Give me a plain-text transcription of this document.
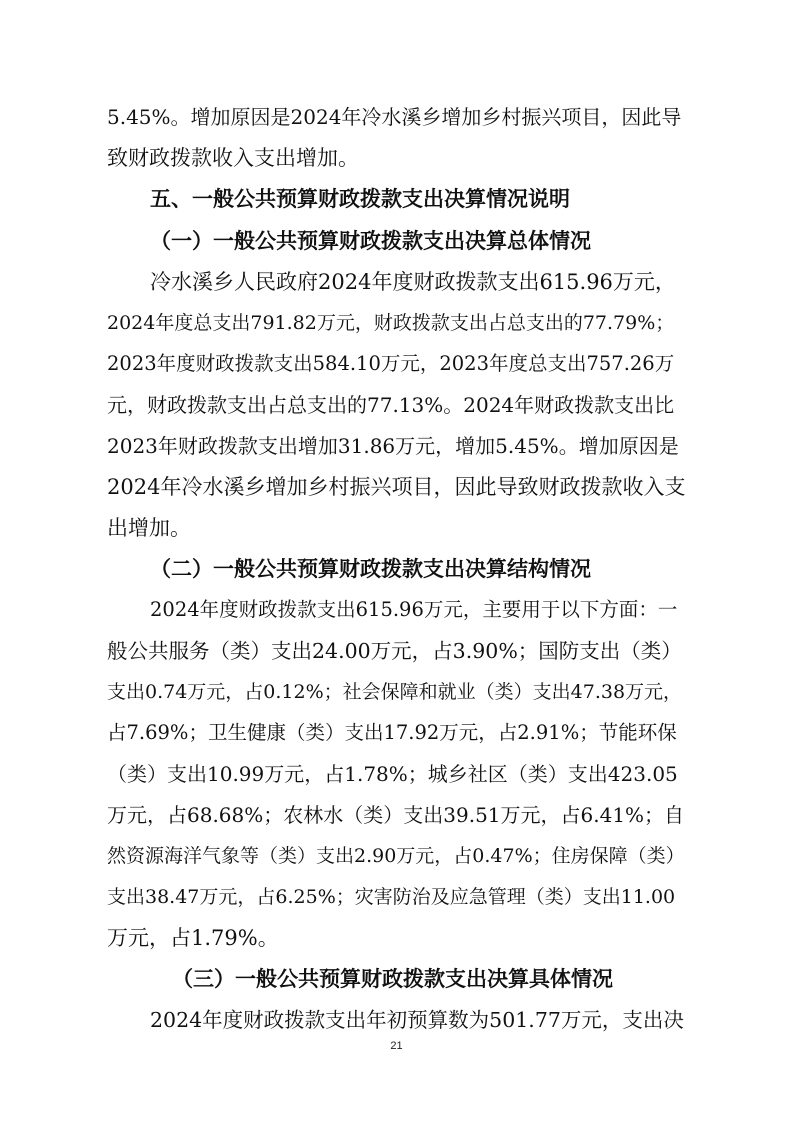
5.45%。增加原因是2024年冷水溪乡增加乡村振兴项目，因此导
致财政拨款收入支出增加。
五、一般公共预算财政拨款支出决算情况说明
（一）一般公共预算财政拨款支出决算总体情况
冷水溪乡人民政府2024年度财政拨款支出615.96万元，
2024年度总支出791.82万元，财政拨款支出占总支出的77.79%；
2023年度财政拨款支出584.10万元，2023年度总支出757.26万
元，财政拨款支出占总支出的77.13%。2024年财政拨款支出比
2023年财政拨款支出增加31.86万元，增加5.45%。增加原因是
2024年冷水溪乡增加乡村振兴项目，因此导致财政拨款收入支
出增加。
（二）一般公共预算财政拨款支出决算结构情况
2024年度财政拨款支出615.96万元，主要用于以下方面：一
般公共服务（类）支出24.00万元，占3.90%；国防支出（类）
支出0.74万元，占0.12%；社会保障和就业（类）支出47.38万元，
占7.69%；卫生健康（类）支出17.92万元，占2.91%；节能环保
（类）支出10.99万元，占1.78%；城乡社区（类）支出423.05
万元，占68.68%；农林水（类）支出39.51万元，占6.41%；自
然资源海洋气象等（类）支出2.90万元，占0.47%；住房保障（类）
支出38.47万元，占6.25%；灾害防治及应急管理（类）支出11.00
万元，占1.79%。
（三）一般公共预算财政拨款支出决算具体情况
2024年度财政拨款支出年初预算数为501.77万元，支出决
21
